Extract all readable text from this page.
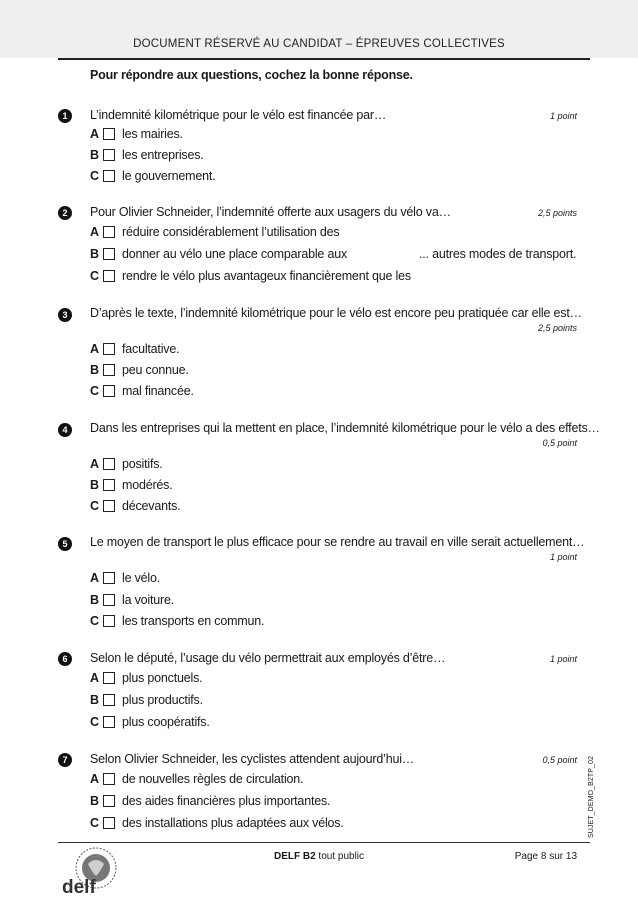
DOCUMENT RÉSERVÉ AU CANDIDAT – ÉPREUVES COLLECTIVES
Pour répondre aux questions, cochez la bonne réponse.
1	L’indemnité kilométrique pour le vélo est financée par…	1 point
A	les mairies.
B	les entreprises.
C	le gouvernement.
2	Pour Olivier Schneider, l’indemnité offerte aux usagers du vélo va…	2,5 points
A	réduire considérablement l’utilisation des
B	donner au vélo une place comparable aux	... autres modes de transport.
C	rendre le vélo plus avantageux financièrement que les
3	D’après le texte, l’indemnité kilométrique pour le vélo est encore peu pratiquée car elle est…
2,5 points
A	facultative.
B	peu connue.
C	mal financée.
4	Dans les entreprises qui la mettent en place, l’indemnité kilométrique pour le vélo a des effets…
0,5 point
A	positifs.
B	modérés.
C	décevants.
5	Le moyen de transport le plus efficace pour se rendre au travail en ville serait actuellement…
1 point
A	le vélo.
B	la voiture.
C	les transports en commun.
6	Selon le député, l’usage du vélo permettrait aux employés d’être…	1 point
A	plus ponctuels.
B	plus productifs.
C	plus coopératifs.
7	Selon Olivier Schneider, les cyclistes attendent aujourd’hui…	0,5 point
A	de nouvelles règles de circulation.
B	des aides financières plus importantes.
C	des installations plus adaptées aux vélos.	SUJET_DEMO_B2TP_02
delf
DELF B2 tout public	Page 8 sur 13
